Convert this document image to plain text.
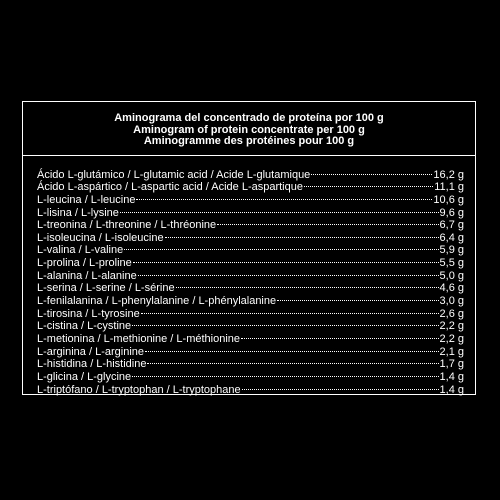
Aminograma del concentrado de proteína por 100 g
Aminogram of protein concentrate per 100 g
Aminogramme des protéines pour 100 g
Ácido L-glutámico / L-glutamic acid / Acide L-glutamique	16,2 g
Ácido L-aspártico / L-aspartic acid / Acide L-aspartique	11,1 g
L-leucina / L-leucine	10,6 g
L-lisina / L-lysine	9,6 g
L-treonina / L-threonine / L-thréonine	6,7 g
L-isoleucina / L-isoleucine	6,4 g
L-valina / L-valine	5,9 g
L-prolina / L-proline	5,5 g
L-alanina / L-alanine	5,0 g
L-serina / L-serine / L-sérine	4,6 g
L-fenilalanina / L-phenylalanine / L-phénylalanine	3,0 g
L-tirosina / L-tyrosine	2,6 g
L-cistina / L-cystine	2,2 g
L-metionina / L-methionine / L-méthionine	2,2 g
L-arginina / L-arginine	2,1 g
L-histidina / L-histidine	1,7 g
L-glicina / L-glycine	1,4 g
L-triptófano / L-tryptophan / L-tryptophane	1,4 g
